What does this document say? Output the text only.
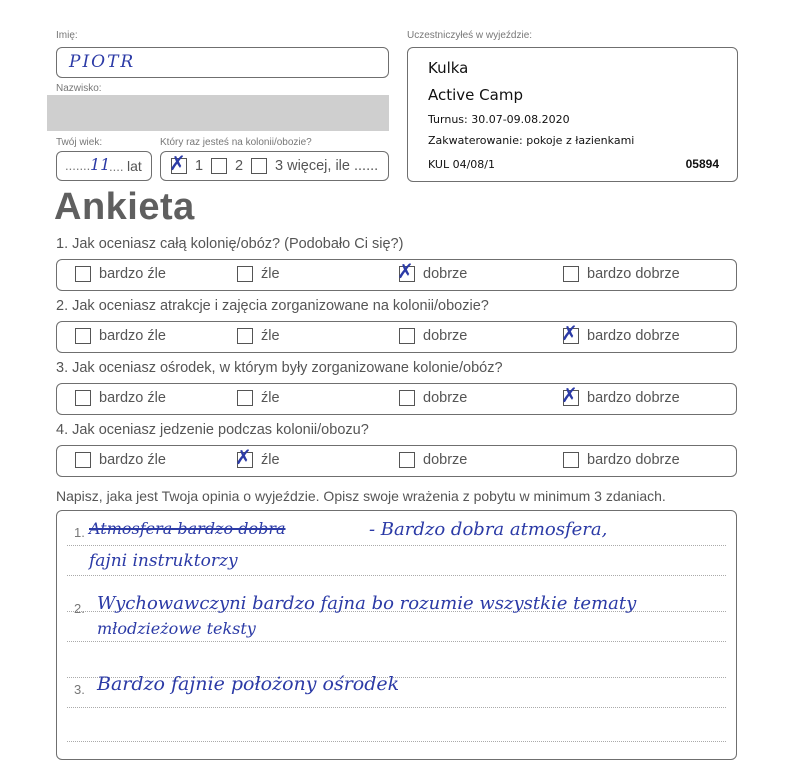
Imię:
PIOTR
Nazwisko:
Twój wiek:
....... 11
.... lat
Który raz jesteś na kolonii/obozie?
✗ 1 2 3 więcej, ile ......
Uczestniczyłeś w wyjeździe:
Kulka
Active Camp
Turnus: 30.07-09.08.2020
Zakwaterowanie: pokoje z łazienkami
KUL 04/08/1	05894
Ankieta
1. Jak oceniasz całą kolonię/obóz? (Podobało Ci się?)
bardzo źle	źle	✗ dobrze	bardzo dobrze
2. Jak oceniasz atrakcje i zajęcia zorganizowane na kolonii/obozie?
bardzo źle	źle	dobrze	✗ bardzo dobrze
3. Jak oceniasz ośrodek, w którym były zorganizowane kolonie/obóz?
bardzo źle	źle	dobrze	✗ bardzo dobrze
4. Jak oceniasz jedzenie podczas kolonii/obozu?
bardzo źle	✗ źle	dobrze	bardzo dobrze
Napisz, jaka jest Twoja opinia o wyjeździe. Opisz swoje wrażenia z pobytu w minimum 3 zdaniach.
1. Atmosfera bardzo dobra	- Bardzo dobra atmosfera,
fajni instruktorzy
2. Wychowawczyni bardzo fajna bo rozumie wszystkie tematy
młodzieżowe teksty
3. Bardzo fajnie położony ośrodek
